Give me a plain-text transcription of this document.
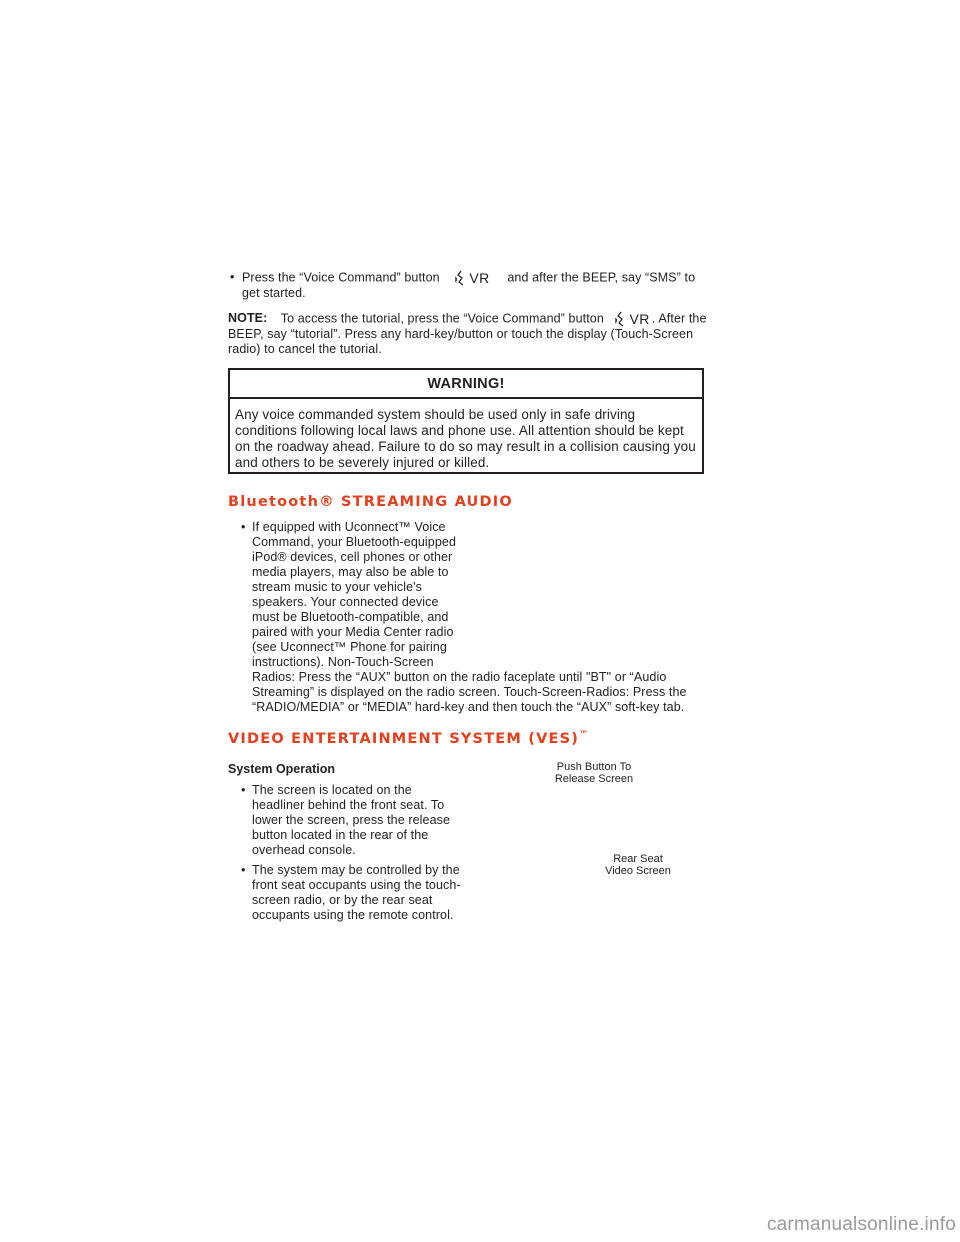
• Press the “Voice Command” button VR and after the BEEP, say “SMS” to get started.
NOTE: To access the tutorial, press the “Voice Command” button VR . After the BEEP, say “tutorial”. Press any hard-key/button or touch the display (Touch-Screen radio) to cancel the tutorial.
WARNING!
Any voice commanded system should be used only in safe driving conditions following local laws and phone use. All attention should be kept on the roadway ahead. Failure to do so may result in a collision causing you and others to be severely injured or killed.
Bluetooth® STREAMING AUDIO
• If equipped with Uconnect™ Voice Command, your Bluetooth-equipped iPod® devices, cell phones or other media players, may also be able to stream music to your vehicle's speakers. Your connected device must be Bluetooth-compatible, and paired with your Media Center radio (see Uconnect™ Phone for pairing instructions). Non-Touch-Screen
Radios: Press the “AUX” button on the radio faceplate until "BT" or “Audio Streaming” is displayed on the radio screen. Touch-Screen-Radios: Press the “RADIO/MEDIA” or “MEDIA” hard-key and then touch the “AUX” soft-key tab.
VIDEO ENTERTAINMENT SYSTEM (VES)™
System Operation
• The screen is located on the headliner behind the front seat. To lower the screen, press the release button located in the rear of the overhead console.
• The system may be controlled by the front seat occupants using the touch-screen radio, or by the rear seat occupants using the remote control.
Push Button To
Release Screen
Rear Seat
Video Screen
carmanualsonline.info
